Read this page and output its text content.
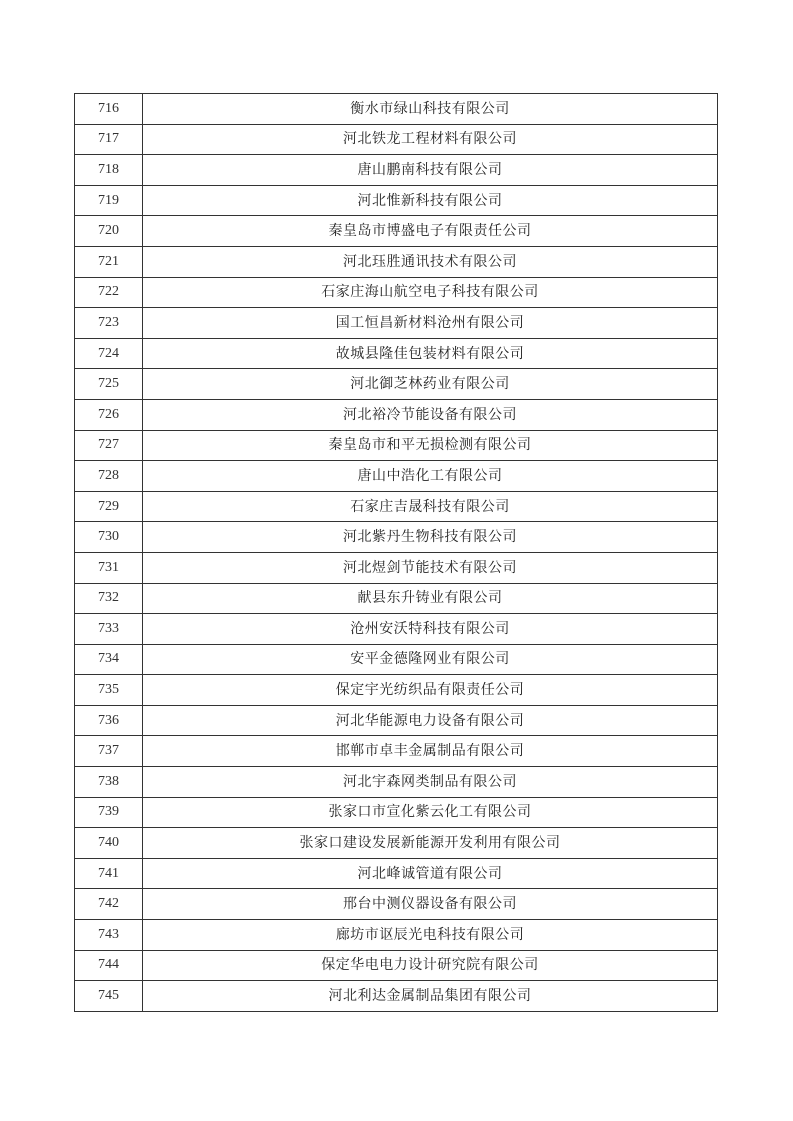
716	衡水市绿山科技有限公司
717	河北铁龙工程材料有限公司
718	唐山鹏南科技有限公司
719	河北惟新科技有限公司
720	秦皇岛市博盛电子有限责任公司
721	河北珏胜通讯技术有限公司
722	石家庄海山航空电子科技有限公司
723	国工恒昌新材料沧州有限公司
724	故城县隆佳包装材料有限公司
725	河北御芝林药业有限公司
726	河北裕冷节能设备有限公司
727	秦皇岛市和平无损检测有限公司
728	唐山中浩化工有限公司
729	石家庄吉晟科技有限公司
730	河北紫丹生物科技有限公司
731	河北煜剑节能技术有限公司
732	献县东升铸业有限公司
733	沧州安沃特科技有限公司
734	安平金德隆网业有限公司
735	保定宇光纺织品有限责任公司
736	河北华能源电力设备有限公司
737	邯郸市卓丰金属制品有限公司
738	河北宇森网类制品有限公司
739	张家口市宣化紫云化工有限公司
740	张家口建设发展新能源开发利用有限公司
741	河北峰诚管道有限公司
742	邢台中测仪器设备有限公司
743	廊坊市讴辰光电科技有限公司
744	保定华电电力设计研究院有限公司
745	河北利达金属制品集团有限公司
